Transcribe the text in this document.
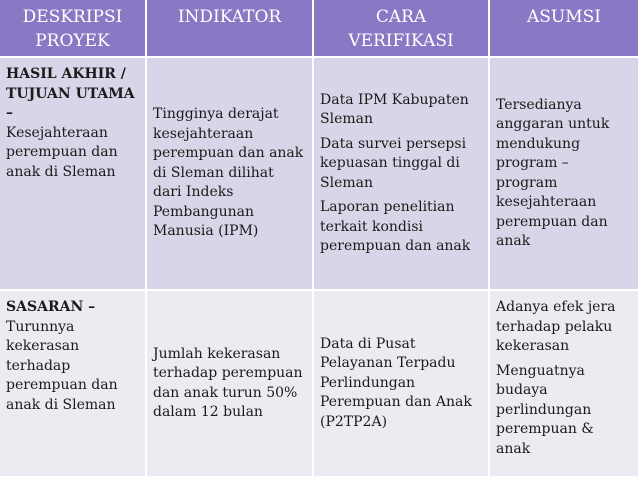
DESKRIPSI
PROYEK
INDIKATOR	CARA
VERIFIKASI
ASUMSI

HASIL AKHIR / TUJUAN UTAMA –

Kesejahteraan perempuan dan anak di Sleman

Tingginya derajat kesejahteraan perempuan dan anak di Sleman dilihat dari Indeks Pembangunan Manusia (IPM)

Data IPM Kabupaten Sleman

Data survei persepsi kepuasan tinggal di Sleman

Laporan penelitian terkait kondisi perempuan dan anak

Tersedianya anggaran untuk mendukung program – program kesejahteraan perempuan dan anak

SASARAN –

Turunnya kekerasan terhadap perempuan dan anak di Sleman

Jumlah kekerasan terhadap perempuan dan anak turun 50% dalam 12 bulan

Data di Pusat Pelayanan Terpadu Perlindungan Perempuan dan Anak (P2TP2A)

Adanya efek jera terhadap pelaku kekerasan

Menguatnya budaya perlindungan perempuan & anak
